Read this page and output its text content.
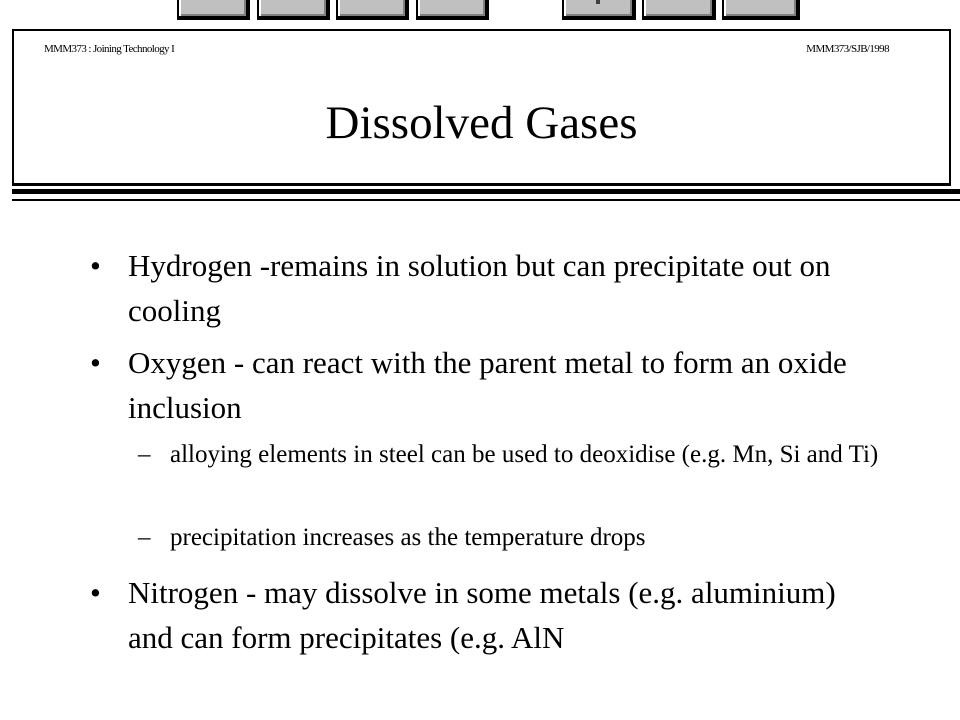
MMM373 : Joining Technology I	MMM373/SJB/1998
Dissolved Gases
• Hydrogen -remains in solution but can precipitate out on cooling
• Oxygen - can react with the parent metal to form an oxide inclusion
– alloying elements in steel can be used to deoxidise (e.g. Mn, Si and Ti)
– precipitation increases as the temperature drops
• Nitrogen - may dissolve in some metals (e.g. aluminium) and can form precipitates (e.g. AlN
